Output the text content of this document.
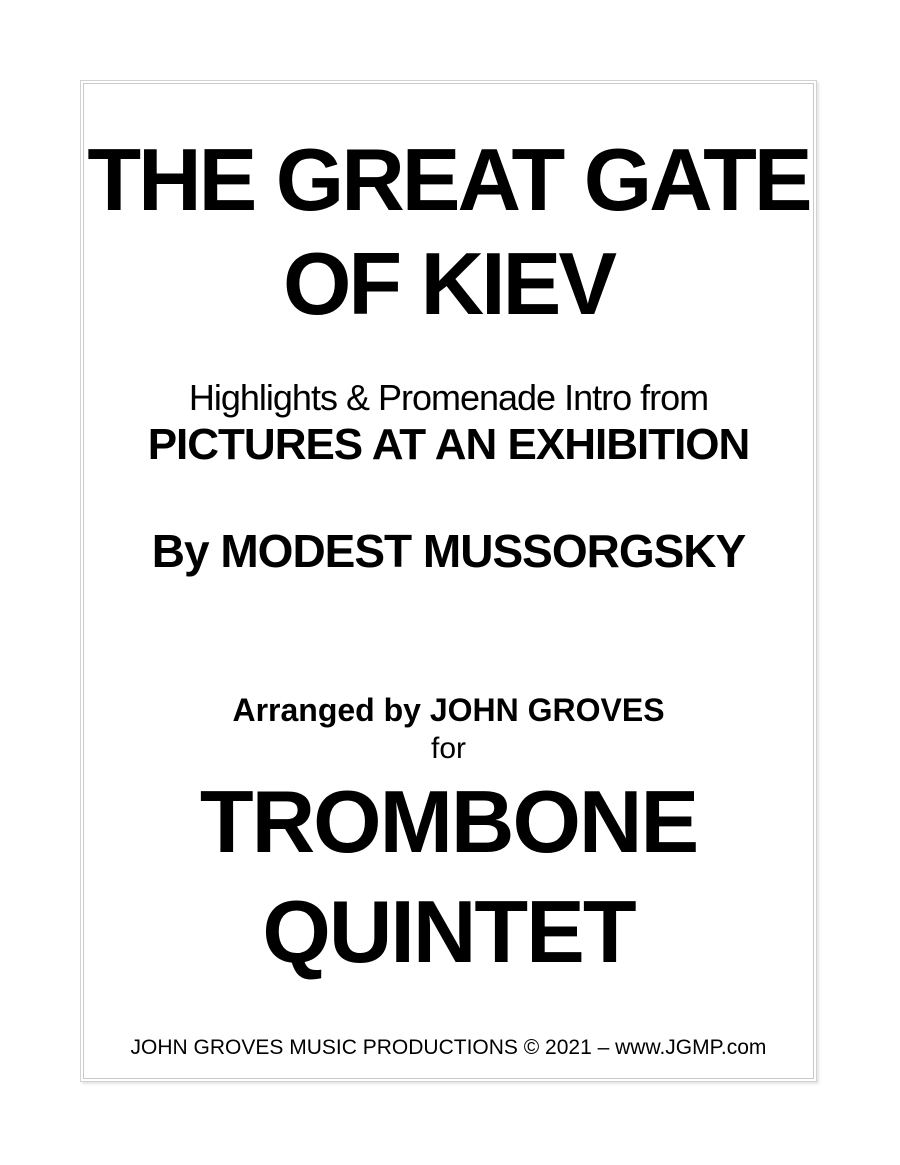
THE GREAT GATE
OF KIEV
Highlights & Promenade Intro from
PICTURES AT AN EXHIBITION
By MODEST MUSSORGSKY
Arranged by JOHN GROVES
for
TROMBONE
QUINTET
JOHN GROVES MUSIC PRODUCTIONS © 2021 – www.JGMP.com
